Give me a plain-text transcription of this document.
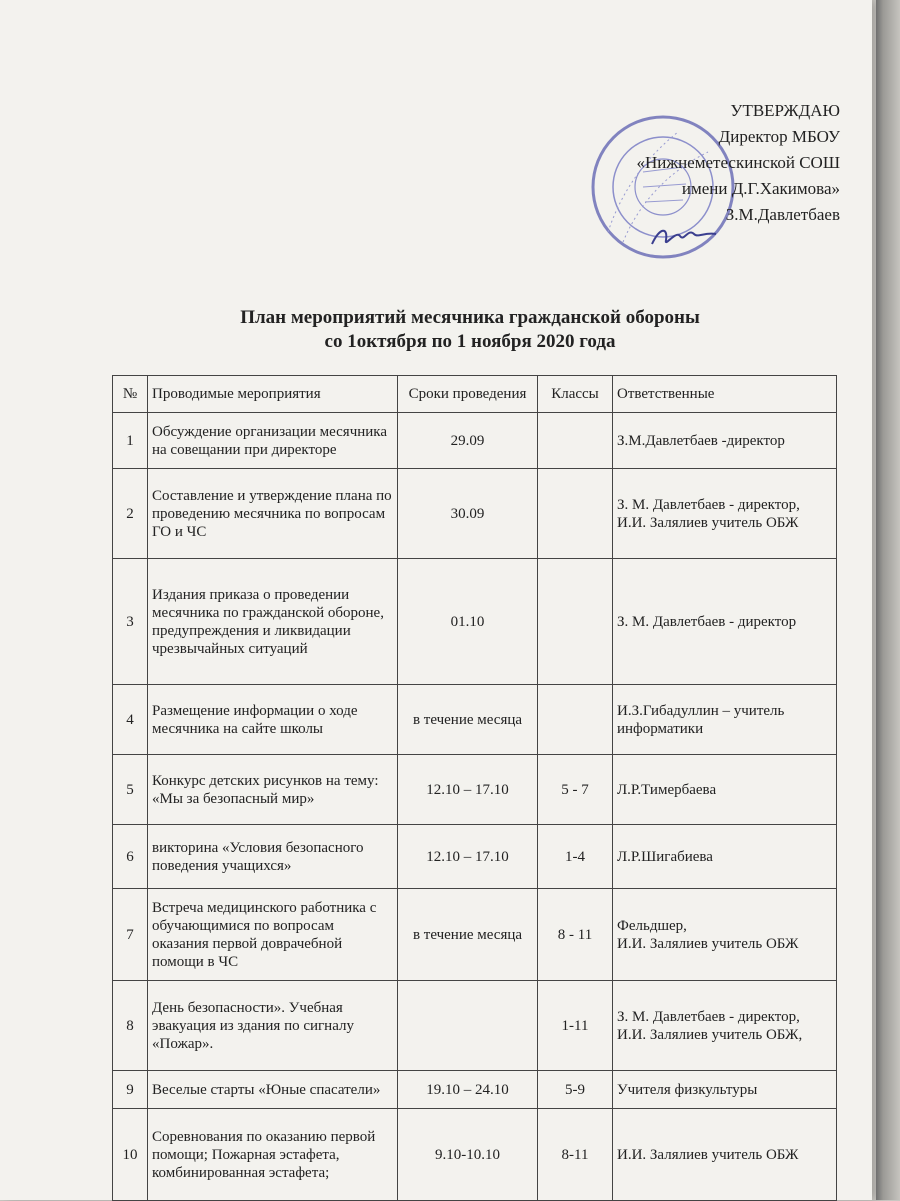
УТВЕРЖДАЮ
Директор МБОУ
«Нижнеметескинской СОШ
имени Д.Г.Хакимова»
З.М.Давлетбаев
План мероприятий месячника гражданской обороны
со 1октября по 1 ноября 2020 года
№	Проводимые мероприятия	Сроки проведения	Классы	Ответственные
1	Обсуждение организации месячника на совещании при директоре	29.09		З.М.Давлетбаев -директор
2	Составление и утверждение плана по проведению месячника по вопросам ГО и ЧС	30.09		З. М. Давлетбаев - директор,
И.И. Залялиев учитель ОБЖ
3	Издания приказа о проведении месячника по гражданской обороне, предупреждения и ликвидации чрезвычайных ситуаций	01.10		З. М. Давлетбаев - директор
4	Размещение информации о ходе месячника на сайте школы	в течение месяца		И.З.Гибадуллин – учитель информатики
5	Конкурс детских рисунков на тему: «Мы за безопасный мир»	12.10 – 17.10	5 - 7	Л.Р.Тимербаева
6	викторина «Условия безопасного поведения учащихся»	12.10 – 17.10	1-4	Л.Р.Шигабиева
7	Встреча медицинского работника с обучающимися по вопросам оказания первой доврачебной помощи в ЧС	в течение месяца	8 - 11	Фельдшер,
И.И. Залялиев учитель ОБЖ
8	День безопасности». Учебная эвакуация из здания по сигналу «Пожар».		1-11	З. М. Давлетбаев - директор,
И.И. Залялиев учитель ОБЖ,
9	Веселые старты «Юные спасатели»	19.10 – 24.10	5-9	Учителя физкультуры
10	Соревнования по оказанию первой помощи; Пожарная эстафета, комбинированная эстафета;	9.10-10.10	8-11	И.И. Залялиев учитель ОБЖ
